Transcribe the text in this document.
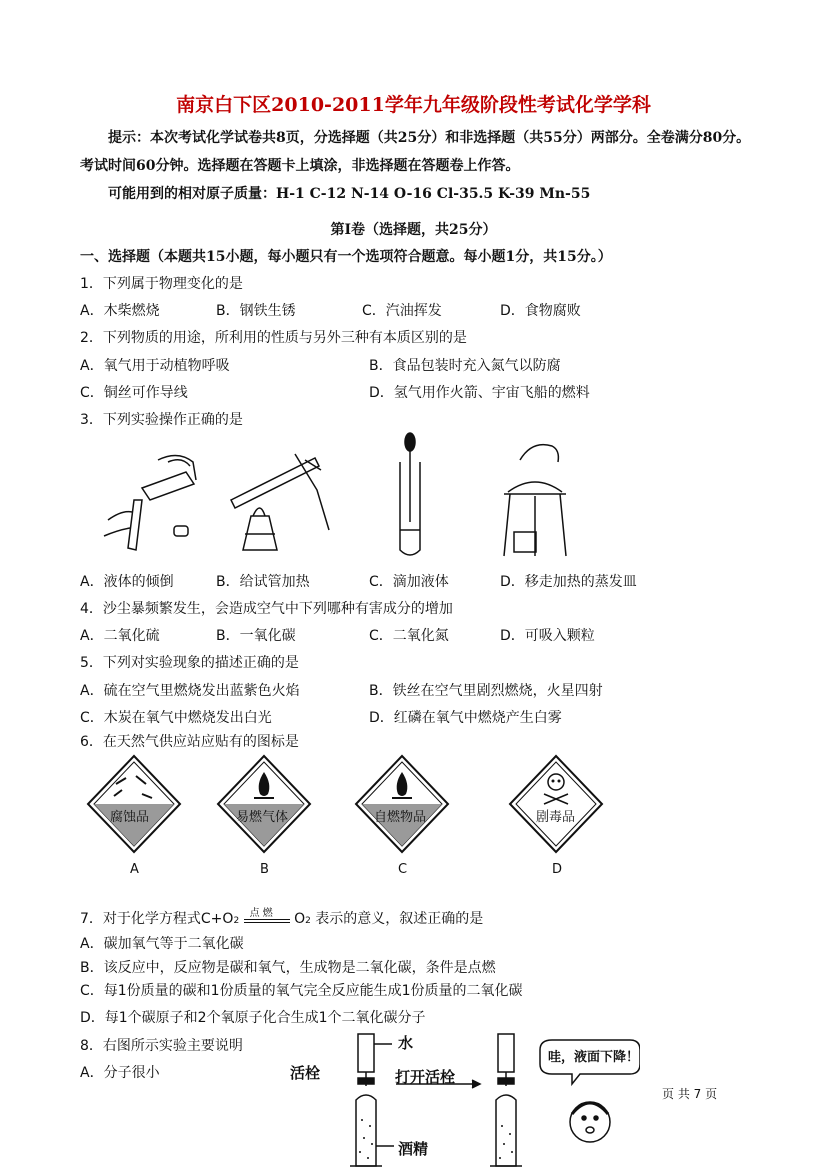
南京白下区2010-2011学年九年级阶段性考试化学学科
提示：本次考试化学试卷共8页，分选择题（共25分）和非选择题（共55分）两部分。全卷满分80分。
考试时间60分钟。选择题在答题卡上填涂，非选择题在答题卷上作答。
可能用到的相对原子质量：H-1 C-12 N-14 O-16 Cl-35.5 K-39 Mn-55
第Ⅰ卷（选择题，共25分）
一、选择题（本题共15小题，每小题只有一个选项符合题意。每小题1分，共15分。）
1．下列属于物理变化的是
A．木柴燃烧	B．钢铁生锈	C．汽油挥发	D．食物腐败
2．下列物质的用途，所利用的性质与另外三种有本质区别的是
A．氧气用于动植物呼吸	B．食品包装时充入氮气以防腐
C．铜丝可作导线	D．氢气用作火箭、宇宙飞船的燃料
3．下列实验操作正确的是
A．液体的倾倒	B．给试管加热	C．滴加液体	D．移走加热的蒸发皿
4．沙尘暴频繁发生，会造成空气中下列哪种有害成分的增加
A．二氧化硫	B．一氧化碳	C．二氧化氮	D．可吸入颗粒
5．下列对实验现象的描述正确的是
A．硫在空气里燃烧发出蓝紫色火焰	B．铁丝在空气里剧烈燃烧，火星四射
C．木炭在氧气中燃烧发出白光	D．红磷在氧气中燃烧产生白雾
6．在天然气供应站应贴有的图标是
腐蚀品
A
易燃气体
B
自燃物品
C
剧毒品
D
7．对于化学方程式C+O2
点 燃 O2 表示的意义，叙述正确的是
A．碳加氧气等于二氧化碳
B．该反应中，反应物是碳和氧气，生成物是二氧化碳，条件是点燃
C．每1份质量的碳和1份质量的氧气完全反应能生成1份质量的二氧化碳
D．每1个碳原子和2个氧原子化合生成1个二氧化碳分子
8．右图所示实验主要说明
A．分子很小	活栓
水
打开活栓
酒精
哇，液面下降！
页 共 7 页
